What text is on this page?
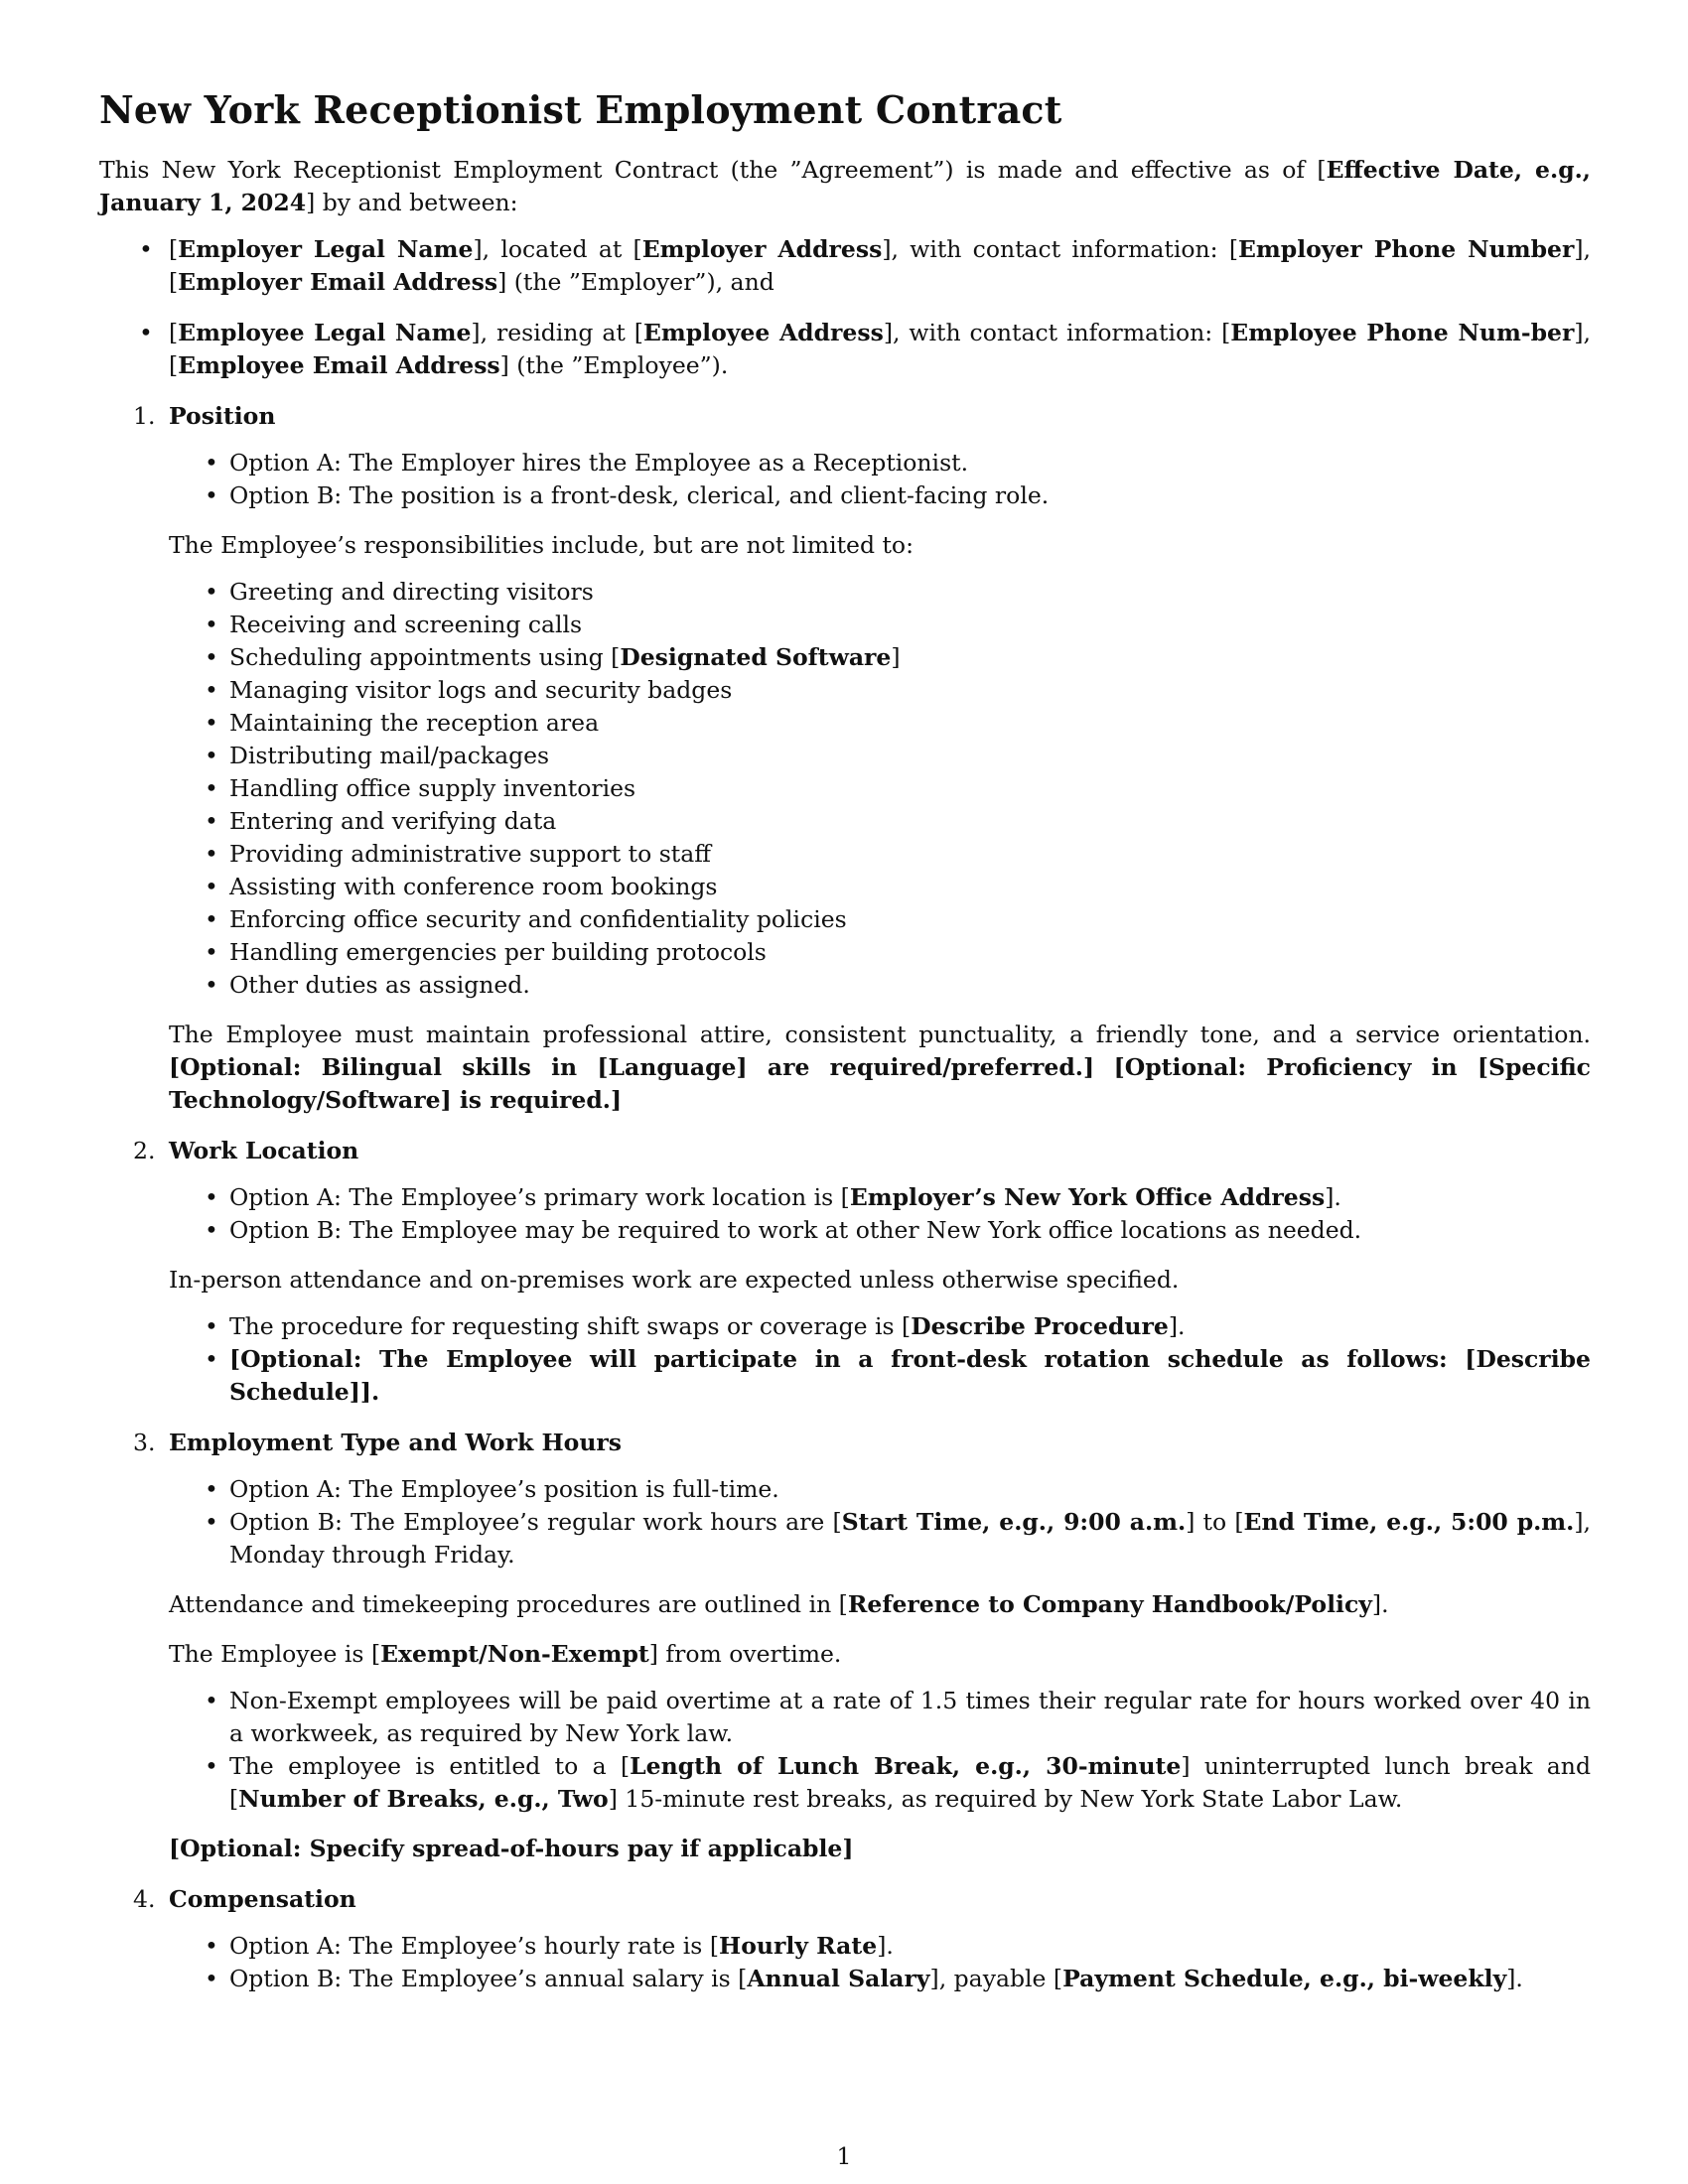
New York Receptionist Employment Contract

This New York Receptionist Employment Contract (the ”Agreement”) is made and effective as of [Effective Date, e.g., January 1, 2024] by and between:

• [Employer Legal Name], located at [Employer Address], with contact information: [Employer Phone Number], [Employer Email Address] (the ”Employer”), and
• [Employee Legal Name], residing at [Employee Address], with contact information: [Employee Phone Num-ber], [Employee Email Address] (the ”Employee”).
1. Position
• Option A: The Employer hires the Employee as a Receptionist.
• Option B: The position is a front-desk, clerical, and client-facing role.

The Employee’s responsibilities include, but are not limited to:

• Greeting and directing visitors
• Receiving and screening calls
• Scheduling appointments using [Designated Software]
• Managing visitor logs and security badges
• Maintaining the reception area
• Distributing mail/packages
• Handling office supply inventories
• Entering and verifying data
• Providing administrative support to staff
• Assisting with conference room bookings
• Enforcing office security and confidentiality policies
• Handling emergencies per building protocols
• Other duties as assigned.

The Employee must maintain professional attire, consistent punctuality, a friendly tone, and a service orientation. [Optional: Bilingual skills in [Language] are required/preferred.] [Optional: Proficiency in [Specific Technology/Software] is required.]

2. Work Location
• Option A: The Employee’s primary work location is [Employer’s New York Office Address].
• Option B: The Employee may be required to work at other New York office locations as needed.

In-person attendance and on-premises work are expected unless otherwise specified.

• The procedure for requesting shift swaps or coverage is [Describe Procedure].
• [Optional: The Employee will participate in a front-desk rotation schedule as follows: [Describe Schedule]].
3. Employment Type and Work Hours
• Option A: The Employee’s position is full-time.
• Option B: The Employee’s regular work hours are [Start Time, e.g., 9:00 a.m.] to [End Time, e.g., 5:00 p.m.], Monday through Friday.

Attendance and timekeeping procedures are outlined in [Reference to Company Handbook/Policy].

The Employee is [Exempt/Non-Exempt] from overtime.

• Non-Exempt employees will be paid overtime at a rate of 1.5 times their regular rate for hours worked over 40 in a workweek, as required by New York law.
• The employee is entitled to a [Length of Lunch Break, e.g., 30-minute] uninterrupted lunch break and [Number of Breaks, e.g., Two] 15-minute rest breaks, as required by New York State Labor Law.

[Optional: Specify spread-of-hours pay if applicable]

4. Compensation
• Option A: The Employee’s hourly rate is [Hourly Rate].
• Option B: The Employee’s annual salary is [Annual Salary], payable [Payment Schedule, e.g., bi-weekly].
1
